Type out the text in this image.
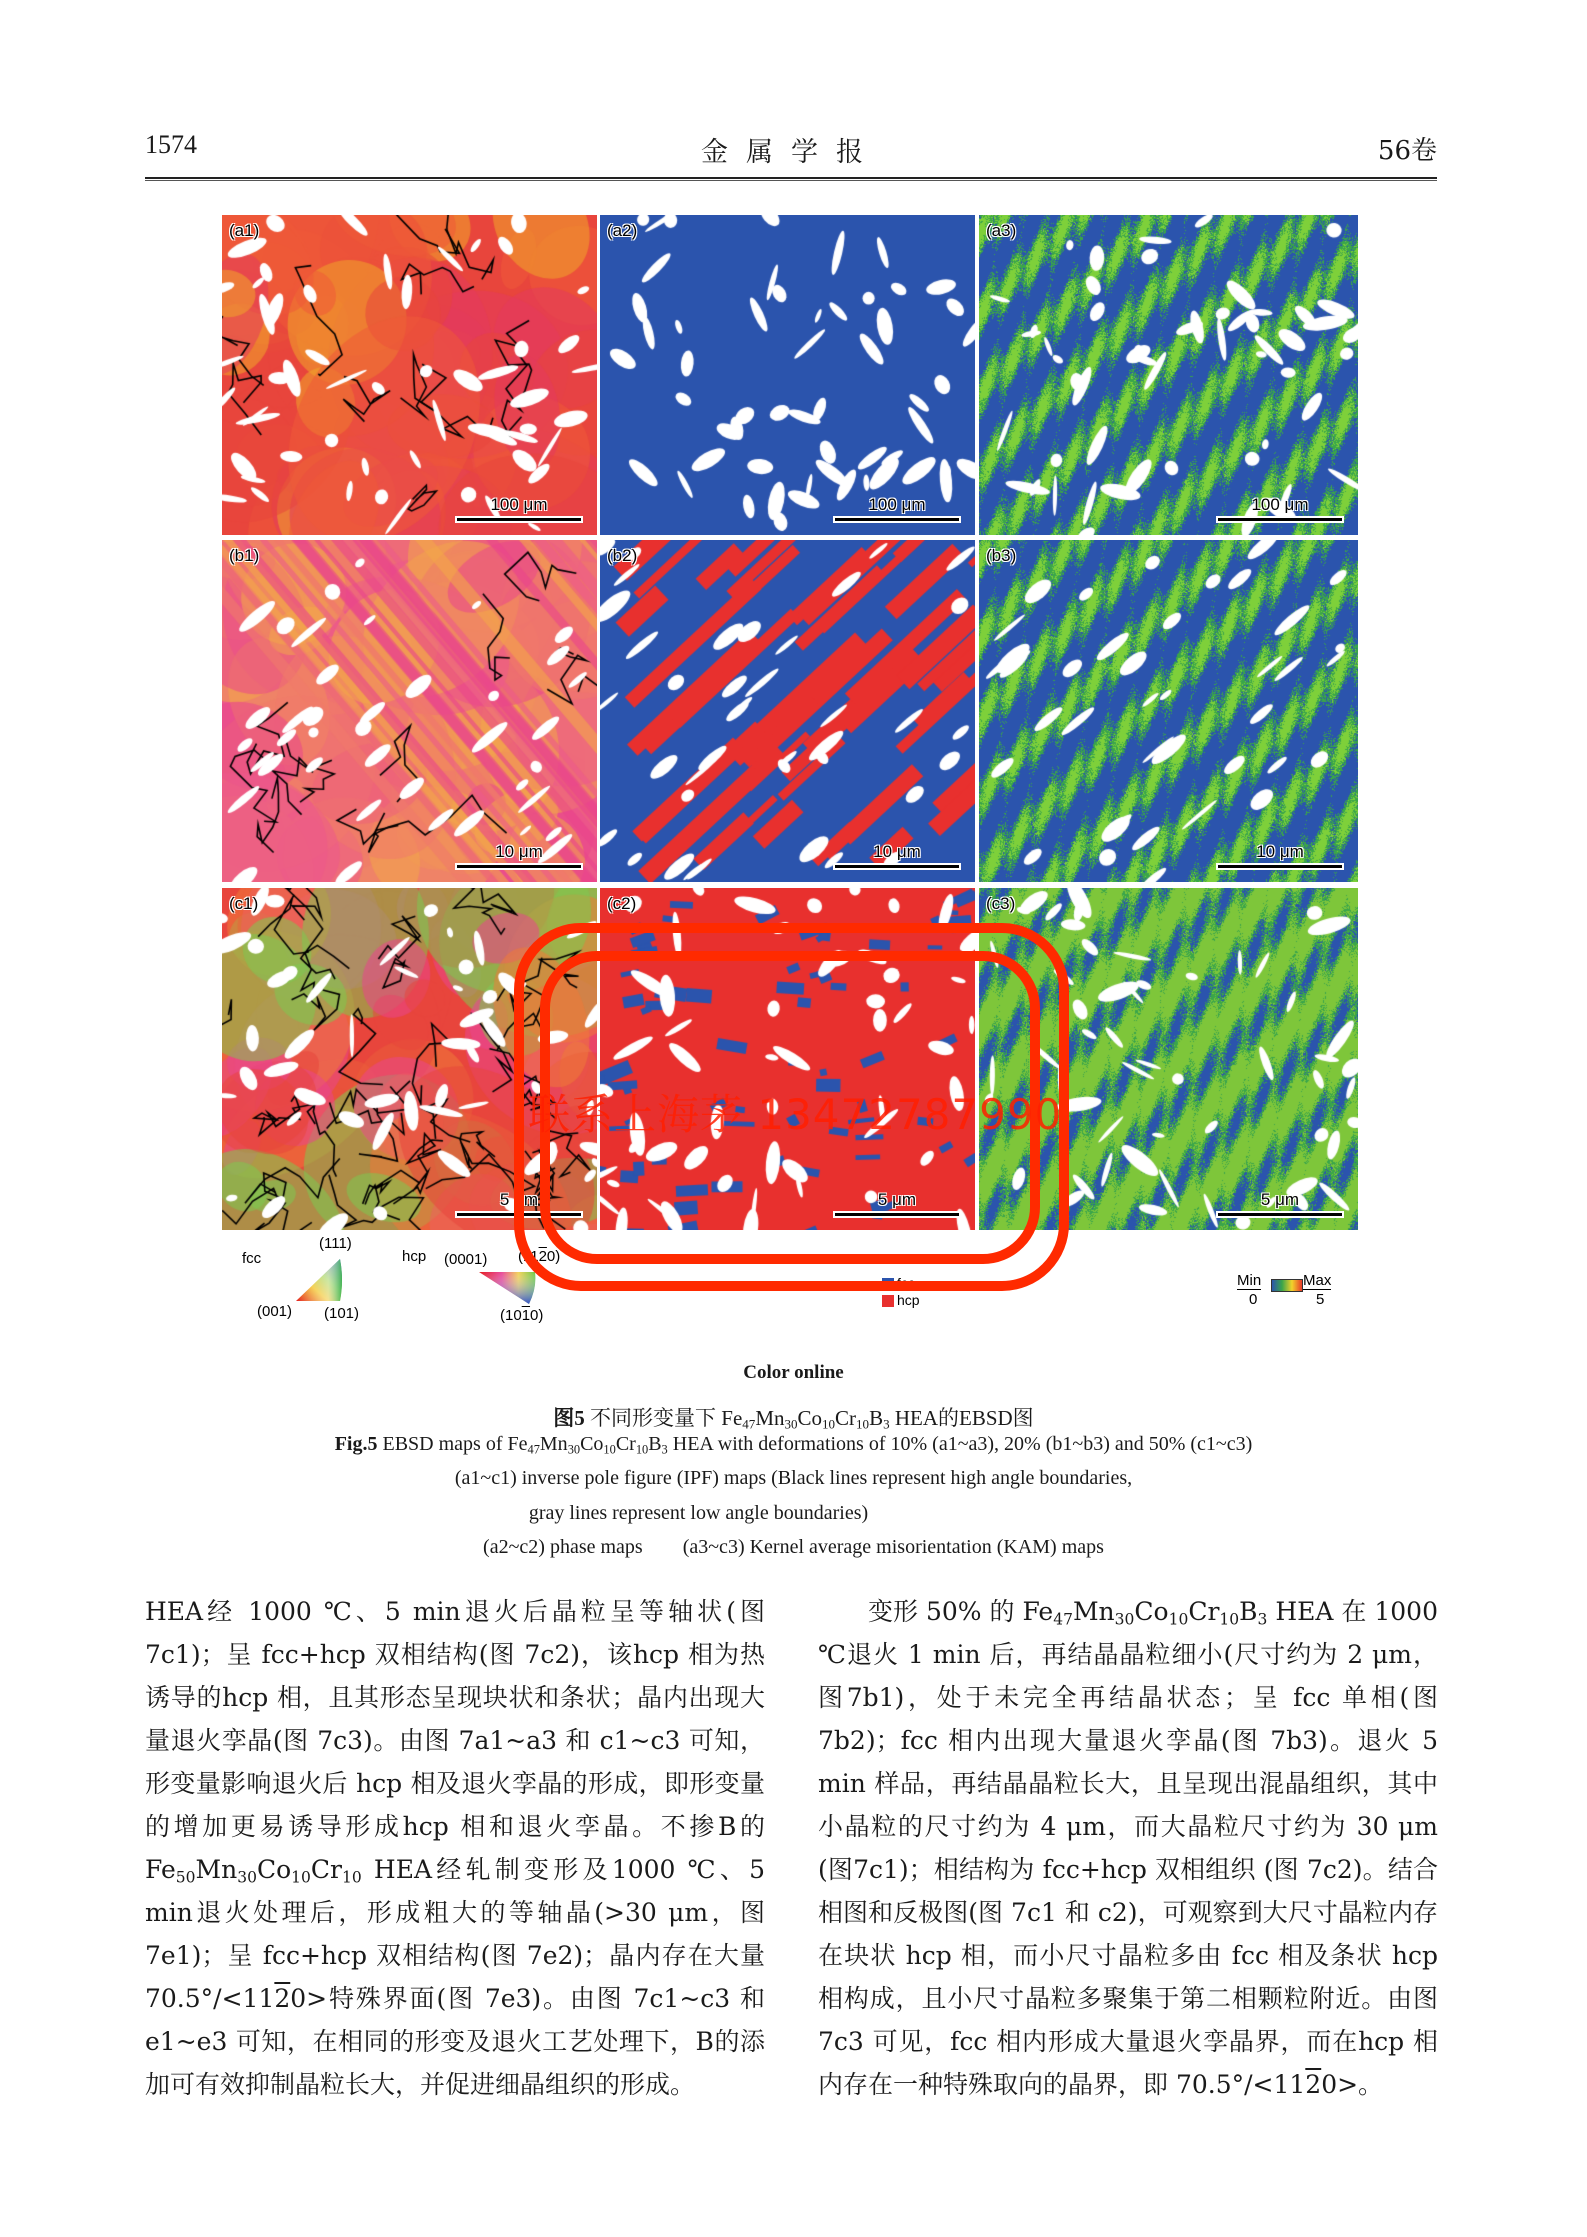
1574	金属学报	56卷
(a1)
100 μm
(a2)
100 μm
(a3)
100 μm
(b1)
10 μm
(b2)
10 μm
(b3)
10 μm
(c1)
5 μm
(c2)
5 μm
(c3)
5 μm
fcc
(111)
(001) (101)
hcp (0001) (1120)
(1010)
fcc
hcp
Min
0
Max
5
联系上海茅 13472787990
Color online
图5 不同形变量下 $Fe_{47}Mn_{30}Co_{10}Cr_{10}B_3$ HEA的EBSD图
Fig.5 EBSD maps of $Fe_{47}Mn_{30}Co_{10}Cr_{10}B_3$ HEA with deformations of 10% (a1~a3), 20% (b1~b3) and 50% (c1~c3)
(a1~c1) inverse pole figure (IPF) maps (Black lines represent high angle boundaries,
gray lines represent low angle boundaries)
(a2~c2) phase maps (a3~c3) Kernel average misorientation (KAM) maps

HEA经 1000 ℃、5 min退火后晶粒呈等轴状(图7c1)；呈 fcc+hcp 双相结构(图 7c2)，该hcp 相为热诱导的hcp 相，且其形态呈现块状和条状；晶内出现大量退火孪晶(图 7c3)。由图 7a1~a3 和 c1~c3 可知，形变量影响退火后 hcp 相及退火孪晶的形成，即形变量的增加更易诱导形成hcp 相和退火孪晶。不掺B的$Fe_{50}Mn_{30}Co_{10}Cr_{10}$ HEA经轧制变形及1000 ℃、5 min退火处理后，形成粗大的等轴晶(>30 μm，图 7e1)；呈 fcc+hcp 双相结构(图 7e2)；晶内存在大量 70.5°/<1120>特殊界面(图 7e3)。由图 7c1~c3 和 e1~e3 可知，在相同的形变及退火工艺处理下，B的添加可有效抑制晶粒长大，并促进细晶组织的形成。

变形 50% 的 $Fe_{47}Mn_{30}Co_{10}Cr_{10}B_3$ HEA 在 1000 ℃退火 1 min 后，再结晶晶粒细小(尺寸约为 2 μm，图7b1)，处于未完全再结晶状态；呈 fcc 单相(图 7b2)；fcc 相内出现大量退火孪晶(图 7b3)。退火 5 min 样品，再结晶晶粒长大，且呈现出混晶组织，其中小晶粒的尺寸约为 4 μm，而大晶粒尺寸约为 30 μm (图7c1)；相结构为 fcc+hcp 双相组织 (图 7c2)。结合相图和反极图(图 7c1 和 c2)，可观察到大尺寸晶粒内存在块状 hcp 相，而小尺寸晶粒多由 fcc 相及条状 hcp 相构成，且小尺寸晶粒多聚集于第二相颗粒附近。由图 7c3 可见，fcc 相内形成大量退火孪晶界，而在hcp 相内存在一种特殊取向的晶界，即 70.5°/<1120>。
